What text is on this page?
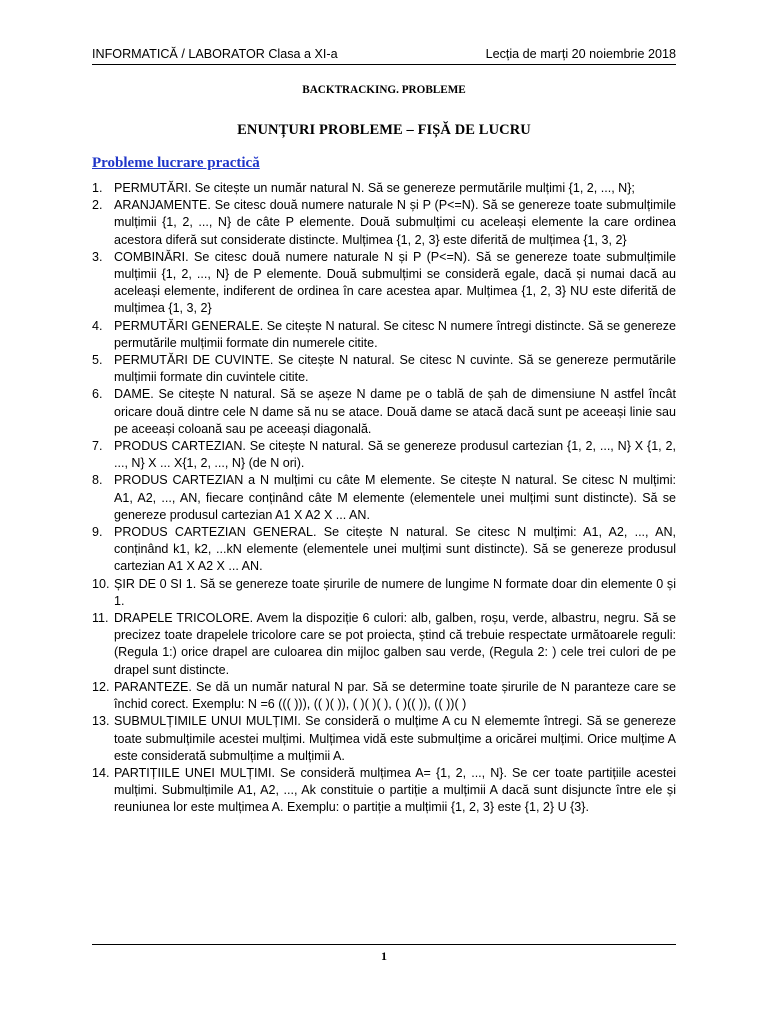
INFORMATICĂ / LABORATOR Clasa a XI-a	Lecția de marți 20 noiembrie 2018
BACKTRACKING. PROBLEME
ENUNȚURI PROBLEME – FIȘĂ DE LUCRU
Probleme lucrare practică
1. PERMUTĂRI. Se citește un număr natural N. Să se genereze permutările mulțimi {1, 2, ..., N};
2. ARANJAMENTE. Se citesc două numere naturale N și P (P<=N). Să se genereze toate submulțimile mulțimii {1, 2, ..., N} de câte P elemente. Două submulțimi cu aceleași elemente la care ordinea acestora diferă sut considerate distincte. Mulțimea {1, 2, 3} este diferită de mulțimea {1, 3, 2}
3. COMBINĂRI. Se citesc două numere naturale N și P (P<=N). Să se genereze toate submulțimile mulțimii {1, 2, ..., N} de P elemente. Două submulțimi se consideră egale, dacă și numai dacă au aceleași elemente, indiferent de ordinea în care acestea apar. Mulțimea {1, 2, 3} NU este diferită de mulțimea {1, 3, 2}
4. PERMUTĂRI GENERALE. Se citește N natural. Se citesc N numere întregi distincte. Să se genereze permutările mulțimii formate din numerele citite.
5. PERMUTĂRI DE CUVINTE. Se citește N natural. Se citesc N cuvinte. Să se genereze permutările mulțimii formate din cuvintele citite.
6. DAME. Se citește N natural. Să se așeze N dame pe o tablă de șah de dimensiune N astfel încât oricare două dintre cele N dame să nu se atace. Două dame se atacă dacă sunt pe aceeași linie sau pe aceeași coloană sau pe aceeași diagonală.
7. PRODUS CARTEZIAN. Se citește N natural. Să se genereze produsul cartezian {1, 2, ..., N} X {1, 2, ..., N} X ... X{1, 2, ..., N} (de N ori).
8. PRODUS CARTEZIAN a N mulțimi cu câte M elemente. Se citește N natural. Se citesc N mulțimi: A1, A2, ..., AN, fiecare conținând câte M elemente (elementele unei mulțimi sunt distincte). Să se genereze produsul cartezian A1 X A2 X ... AN.
9. PRODUS CARTEZIAN GENERAL. Se citește N natural. Se citesc N mulțimi: A1, A2, ..., AN, conținând k1, k2, ...kN elemente (elementele unei mulțimi sunt distincte). Să se genereze produsul cartezian A1 X A2 X ... AN.
10. ȘIR DE 0 SI 1. Să se genereze toate șirurile de numere de lungime N formate doar din elemente 0 și 1.
11. DRAPELE TRICOLORE. Avem la dispoziție 6 culori: alb, galben, roșu, verde, albastru, negru. Să se precizez toate drapelele tricolore care se pot proiecta, ștind că trebuie respectate următoarele reguli: (Regula 1:) orice drapel are culoarea din mijloc galben sau verde, (Regula 2: ) cele trei culori de pe drapel sunt distincte.
12. PARANTEZE. Se dă un număr natural N par. Să se determine toate șirurile de N paranteze care se închid corect. Exemplu: N =6 ((( ))), (( )( )), ( )( )( ), ( )(( )), (( ))( )
13. SUBMULȚIMILE UNUI MULȚIMI. Se consideră o mulțime A cu N elememte întregi. Să se genereze toate submulțimile acestei mulțimi. Mulțimea vidă este submulțime a oricărei mulțimi. Orice mulțime A este considerată submulțime a mulțimii A.
14. PARTIȚIILE UNEI MULȚIMI. Se consideră mulțimea A= {1, 2, ..., N}. Se cer toate partițiile acestei mulțimi. Submulțimile A1, A2, ..., Ak constituie o partiție a mulțimii A dacă sunt disjuncte între ele și reuniunea lor este mulțimea A. Exemplu: o partiție a mulțimii {1, 2, 3} este {1, 2} U {3}.
1
